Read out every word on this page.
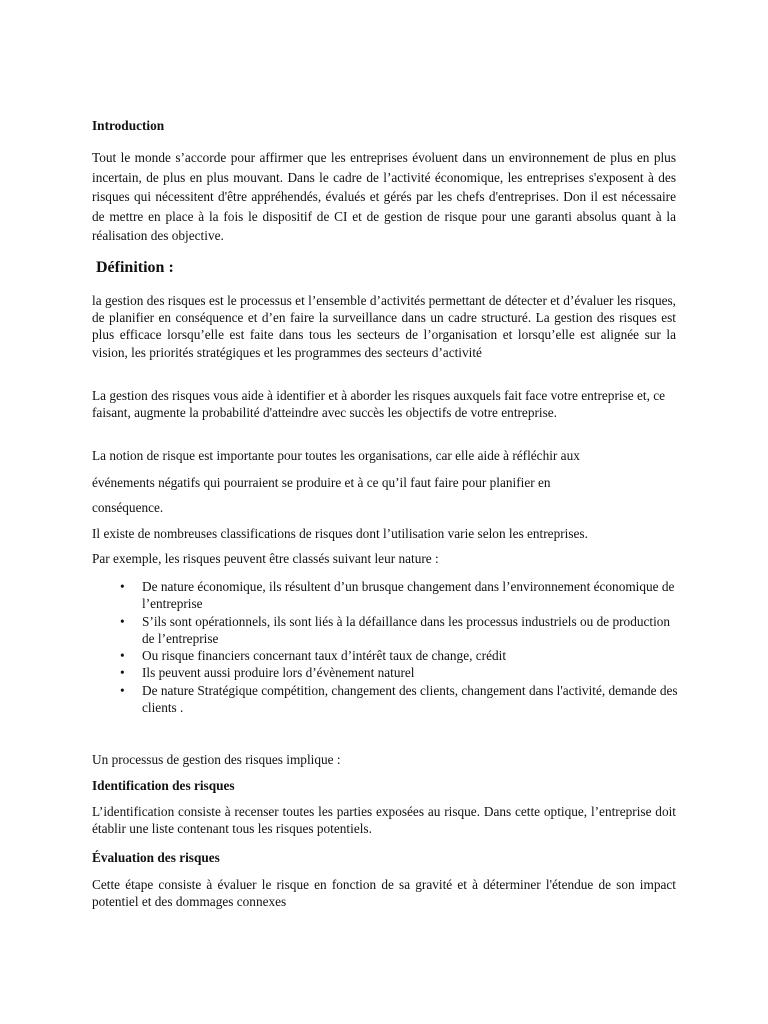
Introduction

Tout le monde s’accorde pour affirmer que les entreprises évoluent dans un environnement de plus en plus incertain, de plus en plus mouvant. Dans le cadre de l’activité économique, les entreprises s'exposent à des risques qui nécessitent d'être appréhendés, évalués et gérés par les chefs d'entreprises. Don il est nécessaire de mettre en place à la fois le dispositif de CI et de gestion de risque pour une garanti absolus quant à la réalisation des objective.

Définition :

la gestion des risques est le processus et l’ensemble d’activités permettant de détecter et d’évaluer les risques, de planifier en conséquence et d’en faire la surveillance dans un cadre structuré. La gestion des risques est plus efficace lorsqu’elle est faite dans tous les secteurs de l’organisation et lorsqu’elle est alignée sur la vision, les priorités stratégiques et les programmes des secteurs d’activité

La gestion des risques vous aide à identifier et à aborder les risques auxquels fait face votre entreprise et, ce faisant, augmente la probabilité d'atteindre avec succès les objectifs de votre entreprise.

La notion de risque est importante pour toutes les organisations, car elle aide à réfléchir aux

événements négatifs qui pourraient se produire et à ce qu’il faut faire pour planifier en

conséquence.

Il existe de nombreuses classifications de risques dont l’utilisation varie selon les entreprises.

Par exemple, les risques peuvent être classés suivant leur nature :

• De nature économique, ils résultent d’un brusque changement dans l’environnement économique de l’entreprise
• S’ils sont opérationnels, ils sont liés à la défaillance dans les processus industriels ou de production de l’entreprise
• Ou risque financiers concernant taux d’intérêt taux de change, crédit
• Ils peuvent aussi produire lors d’évènement naturel
• De nature Stratégique compétition, changement des clients, changement dans l'activité, demande des clients .

Un processus de gestion des risques implique :

Identification des risques

L’identification consiste à recenser toutes les parties exposées au risque. Dans cette optique, l’entreprise doit établir une liste contenant tous les risques potentiels.

Évaluation des risques

Cette étape consiste à évaluer le risque en fonction de sa gravité et à déterminer l'étendue de son impact potentiel et des dommages connexes
